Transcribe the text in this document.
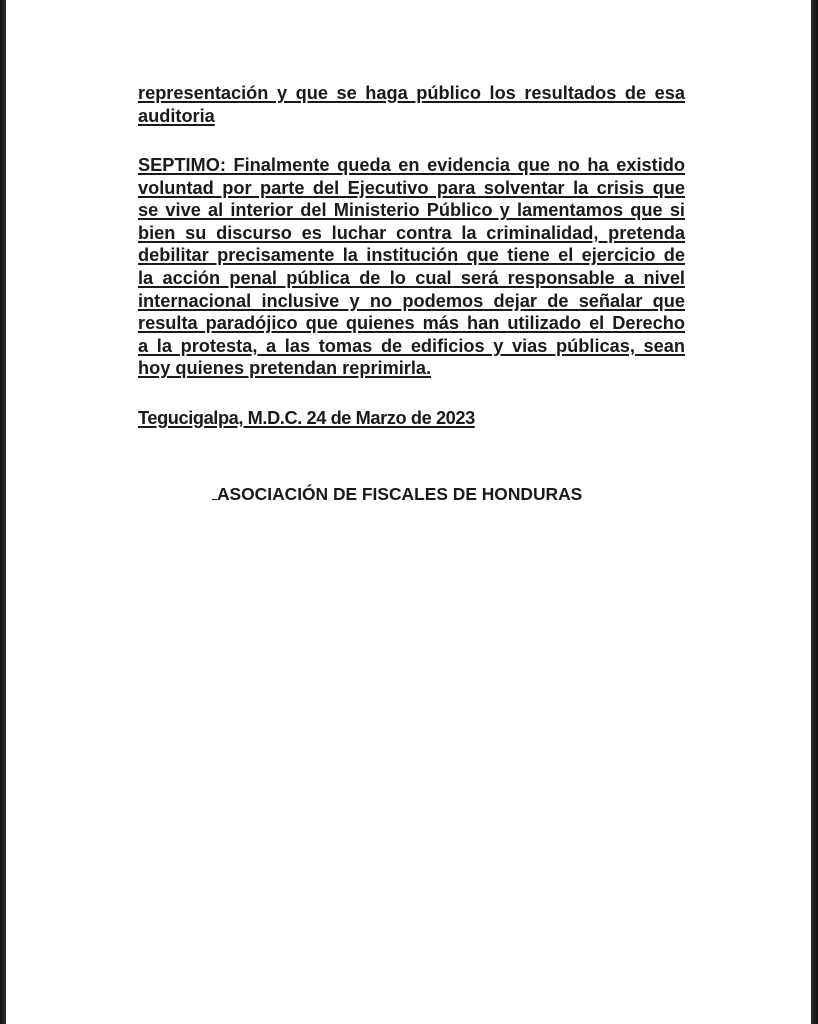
representación y que se haga público los resultados de esa
auditoria
SEPTIMO: Finalmente queda en evidencia que no ha existido
voluntad por parte del Ejecutivo para solventar la crisis que
se vive al interior del Ministerio Público y lamentamos que si
bien su discurso es luchar contra la criminalidad, pretenda
debilitar precisamente la institución que tiene el ejercicio de
la acción penal pública de lo cual será responsable a nivel
internacional inclusive y no podemos dejar de señalar que
resulta paradójico que quienes más han utilizado el Derecho
a la protesta, a las tomas de edificios y vias públicas, sean
hoy quienes pretendan reprimirla.
Tegucigalpa, M.D.C. 24 de Marzo de 2023
ASOCIACIÓN DE FISCALES DE HONDURAS
